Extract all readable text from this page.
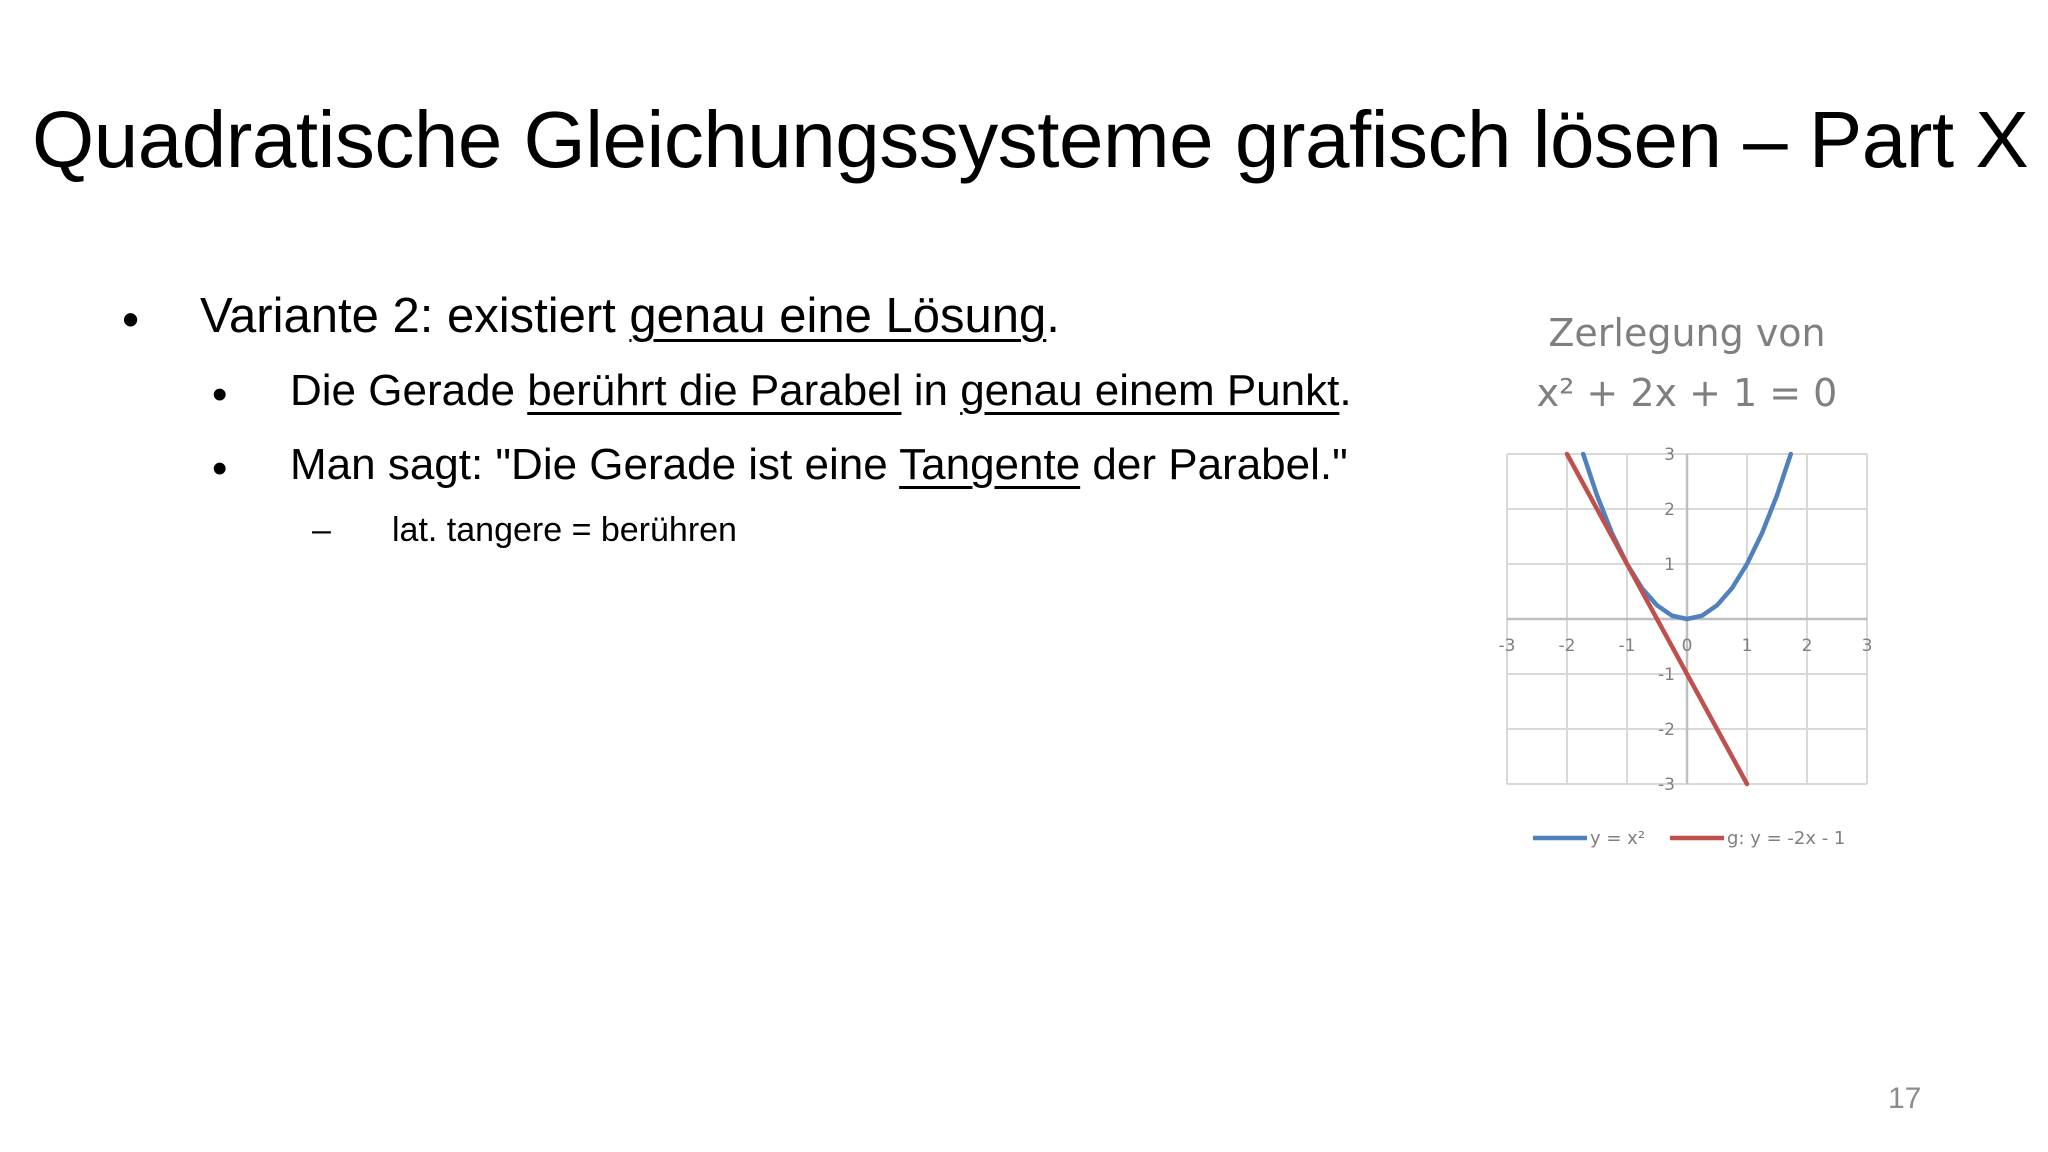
Quadratische Gleichungssysteme grafisch lösen – Part X
• Variante 2: existiert genau eine Lösung.
• Die Gerade berührt die Parabel in genau einem Punkt.
• Man sagt: "Die Gerade ist eine Tangente der Parabel."
– lat. tangere = berühren
Zerlegung von
x² + 2x + 1 = 0
-3	-2	-1	0	1	2	3
3
2
1
-1
-2
-3
y = x²	g: y = -2x - 1
17
